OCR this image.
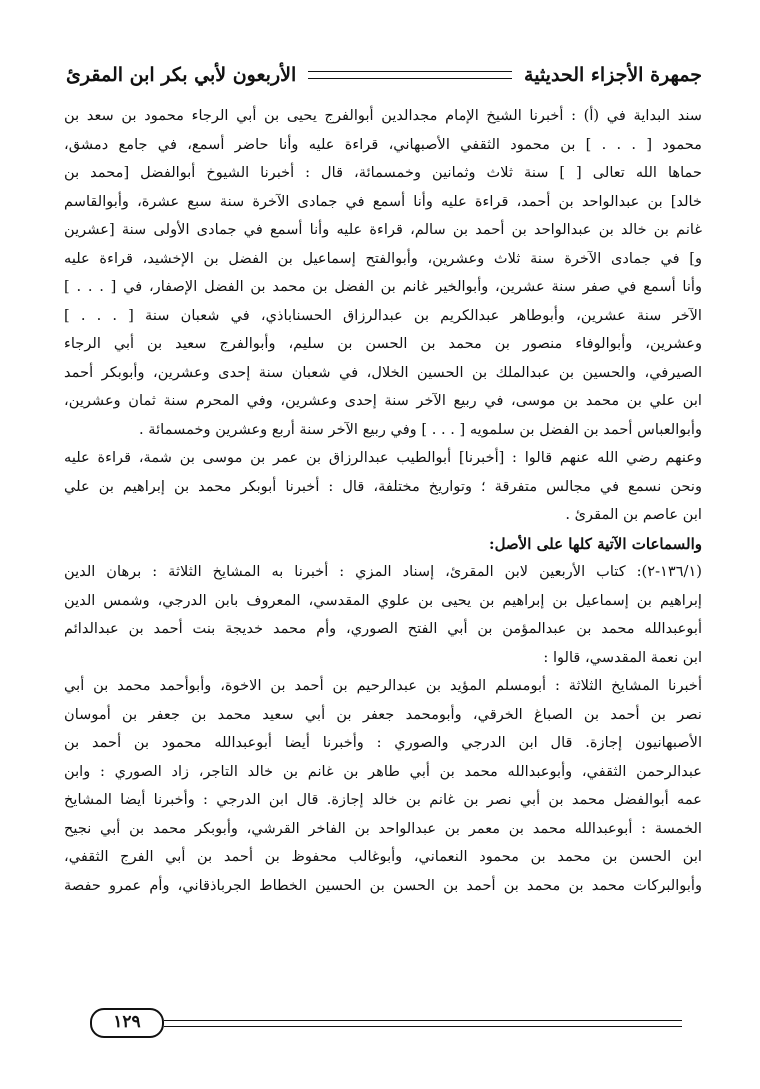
جمهرة الأجزاء الحديثية
الأربعون لأبي بكر ابن المقرئ
سند البداية في (أ) : أخبرنا الشيخ الإمام مجدالدين أبوالفرج يحيى بن أبي الرجاء محمود بن سعد بن
محمود [ . . . ] بن محمود الثقفي الأصبهاني، قراءة عليه وأنا حاضر أسمع، في جامع دمشق،
حماها الله تعالى [ ] سنة ثلاث وثمانين وخمسمائة، قال : أخبرنا الشيوخ أبوالفضل [محمد بن
خالد] بن عبدالواحد بن أحمد، قراءة عليه وأنا أسمع في جمادى الآخرة سنة سبع عشرة، وأبوالقاسم
غانم بن خالد بن عبدالواحد بن أحمد بن سالم، قراءة عليه وأنا أسمع في جمادى الأولى سنة [عشرين
و] في جمادى الآخرة سنة ثلاث وعشرين، وأبوالفتح إسماعيل بن الفضل بن الإخشيد، قراءة عليه
وأنا أسمع في صفر سنة عشرين، وأبوالخير غانم بن الفضل بن محمد بن الفضل الإصفار، في [ . . . ]
الآخر سنة عشرين، وأبوطاهر عبدالكريم بن عبدالرزاق الحسناباذي، في شعبان سنة [ . . . ]
وعشرين، وأبوالوفاء منصور بن محمد بن الحسن بن سليم، وأبوالفرج سعيد بن أبي الرجاء
الصيرفي، والحسين بن عبدالملك بن الحسين الخلال، في شعبان سنة إحدى وعشرين، وأبوبكر أحمد
ابن علي بن محمد بن موسى، في ربيع الآخر سنة إحدى وعشرين، وفي المحرم سنة ثمان وعشرين،
وأبوالعباس أحمد بن الفضل بن سلمويه [ . . . ] وفي ربيع الآخر سنة أربع وعشرين وخمسمائة .
وعنهم رضي الله عنهم قالوا : [أخبرنا] أبوالطيب عبدالرزاق بن عمر بن موسى بن شمة، قراءة عليه
ونحن نسمع في مجالس متفرقة ؛ وتواريخ مختلفة، قال : أخبرنا أبوبكر محمد بن إبراهيم بن علي
ابن عاصم بن المقرئ .
والسماعات الآتية كلها على الأصل:
(١٣٦/١-٢): كتاب الأربعين لابن المقرئ، إسناد المزي : أخبرنا به المشايخ الثلاثة : برهان الدين
إبراهيم بن إسماعيل بن إبراهيم بن يحيى بن علوي المقدسي، المعروف بابن الدرجي، وشمس الدين
أبوعبدالله محمد بن عبدالمؤمن بن أبي الفتح الصوري، وأم محمد خديجة بنت أحمد بن عبدالدائم
ابن نعمة المقدسي، قالوا :
أخبرنا المشايخ الثلاثة : أبومسلم المؤيد بن عبدالرحيم بن أحمد بن الاخوة، وأبوأحمد محمد بن أبي
نصر بن أحمد بن الصباغ الخرقي، وأبومحمد جعفر بن أبي سعيد محمد بن جعفر بن أموسان
الأصبهانيون إجازة. قال ابن الدرجي والصوري : وأخبرنا أيضا أبوعبدالله محمود بن أحمد بن
عبدالرحمن الثقفي، وأبوعبدالله محمد بن أبي طاهر بن غانم بن خالد التاجر، زاد الصوري : وابن
عمه أبوالفضل محمد بن أبي نصر بن غانم بن خالد إجازة. قال ابن الدرجي : وأخبرنا أيضا المشايخ
الخمسة : أبوعبدالله محمد بن معمر بن عبدالواحد بن الفاخر القرشي، وأبوبكر محمد بن أبي نجيح
ابن الحسن بن محمد بن محمود النعماني، وأبوغالب محفوظ بن أحمد بن أبي الفرج الثقفي،
وأبوالبركات محمد بن محمد بن أحمد بن الحسن بن الحسين الخطاط الجرباذقاني، وأم عمرو حفصة
١٢٩
